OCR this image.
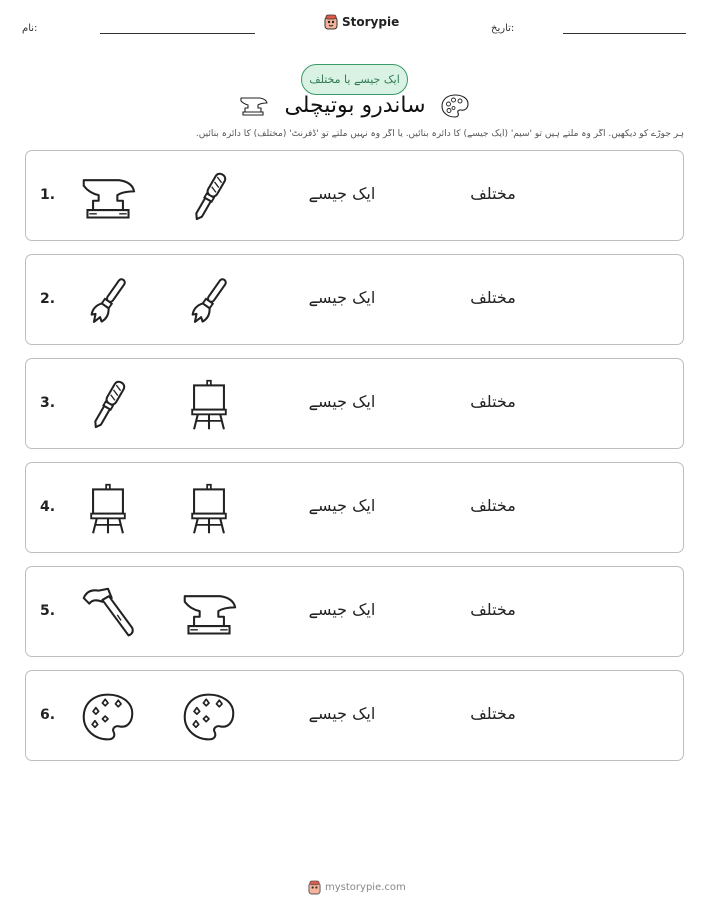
نام:	Storypie	تاریخ:
ایک جیسے یا مختلف
ساندرو بوتیچلی
ہر جوڑے کو دیکھیں. اگر وہ ملتے ہیں تو 'سیم' (ایک جیسے) کا دائرہ بنائیں. یا اگر وہ نہیں ملتے تو 'ڈفرنٹ' (مختلف) کا دائرہ بنائیں.
1.	ایک جیسے	مختلف
2.	ایک جیسے	مختلف
3.	ایک جیسے	مختلف
4.	ایک جیسے	مختلف
5.	ایک جیسے	مختلف
6.	ایک جیسے	مختلف
mystorypie.com
